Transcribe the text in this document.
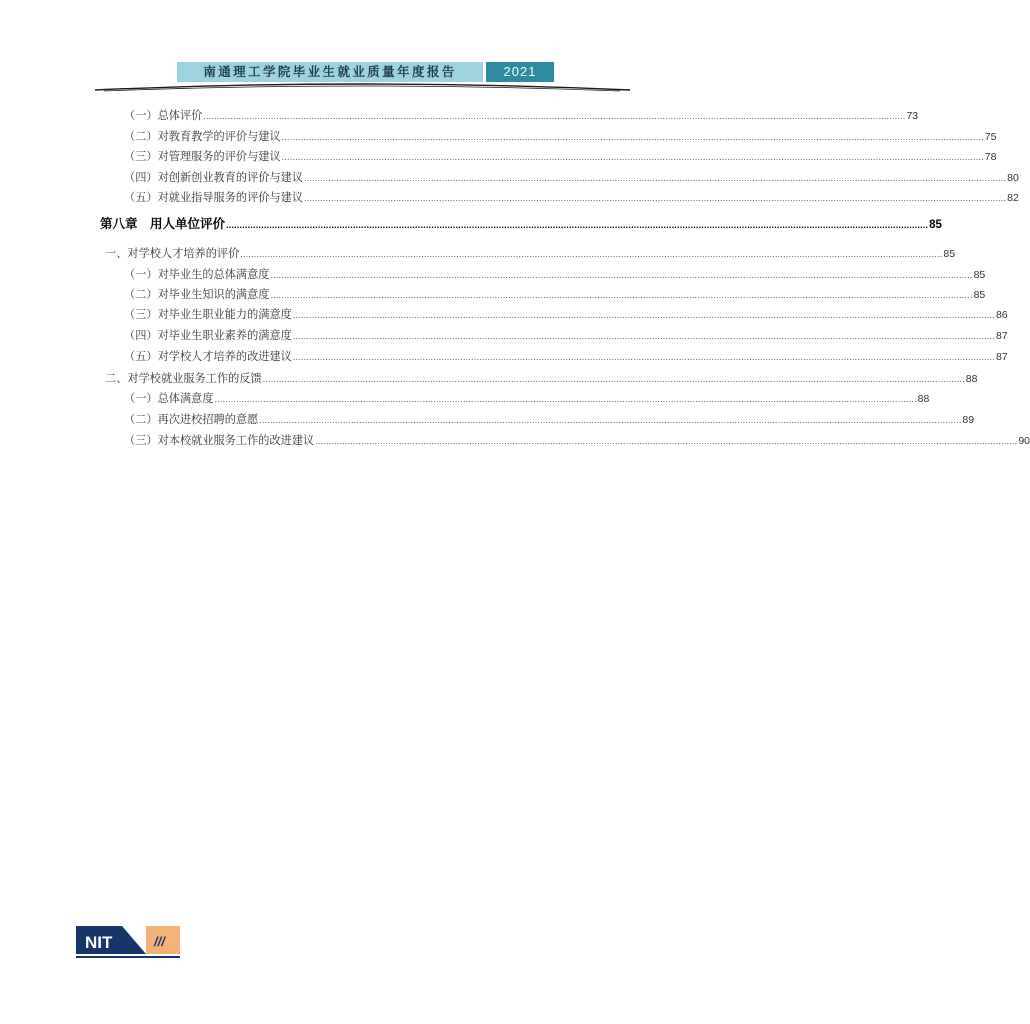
南通理工学院毕业生就业质量年度报告	2021
（一）总体评价 .................................................................................................................................................................................................................................................................... 73
（二）对教育教学的评价与建议 .................................................................................................................................................................................................................................................................... 75
（三）对管理服务的评价与建议 .................................................................................................................................................................................................................................................................... 78
（四）对创新创业教育的评价与建议 .................................................................................................................................................................................................................................................................... 80
（五）对就业指导服务的评价与建议 .................................................................................................................................................................................................................................................................... 82
第八章　用人单位评价 .................................................................................................................................................................................................................................................................... 85
一、对学校人才培养的评价 .................................................................................................................................................................................................................................................................... 85
（一）对毕业生的总体满意度 .................................................................................................................................................................................................................................................................... 85
（二）对毕业生知识的满意度 .................................................................................................................................................................................................................................................................... 85
（三）对毕业生职业能力的满意度 .................................................................................................................................................................................................................................................................... 86
（四）对毕业生职业素养的满意度 .................................................................................................................................................................................................................................................................... 87
（五）对学校人才培养的改进建议 .................................................................................................................................................................................................................................................................... 87
二、对学校就业服务工作的反馈 .................................................................................................................................................................................................................................................................... 88
（一）总体满意度 .................................................................................................................................................................................................................................................................... 88
（二）再次进校招聘的意愿 .................................................................................................................................................................................................................................................................... 89
（三）对本校就业服务工作的改进建议 .................................................................................................................................................................................................................................................................... 90
NIT	///
